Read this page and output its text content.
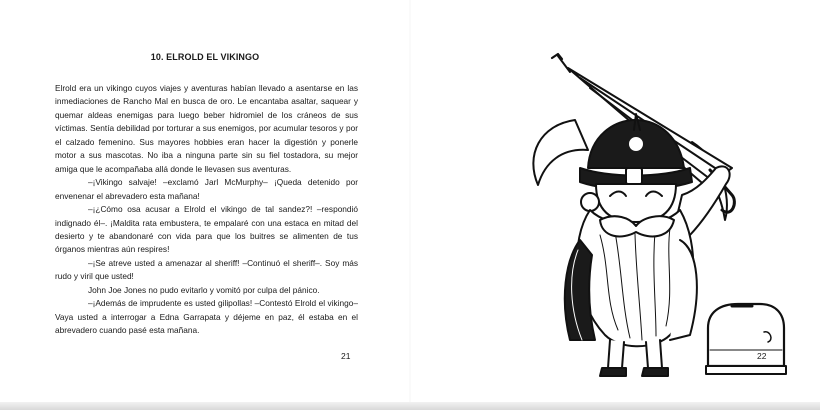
10. ELROLD EL VIKINGO

Elrold era un vikingo cuyos viajes y aventuras habían llevado a asentarse en las inmediaciones de Rancho Mal en busca de oro. Le encantaba asaltar, saquear y quemar aldeas enemigas para luego beber hidromiel de los cráneos de sus víctimas. Sentía debilidad por torturar a sus enemigos, por acumular tesoros y por el calzado femenino. Sus mayores hobbies eran hacer la digestión y ponerle motor a sus mascotas. No iba a ninguna parte sin su fiel tostadora, su mejor amiga que le acompañaba allá donde le llevasen sus aventuras.

–¡Vikingo salvaje! –exclamó Jarl McMurphy– ¡Queda detenido por envenenar el abrevadero esta mañana!

–¡¿Cómo osa acusar a Elrold el vikingo de tal sandez?! –respondió indignado él–. ¡Maldita rata embustera, te empalaré con una estaca en mitad del desierto y te abandonaré con vida para que los buitres se alimenten de tus órganos mientras aún respires!

–¡Se atreve usted a amenazar al sheriff! –Continuó el sheriff–. Soy más rudo y viril que usted!

John Joe Jones no pudo evitarlo y vomitó por culpa del pánico.

–¡Además de imprudente es usted gilipollas! –Contestó Elrold el vikingo–Vaya usted a interrogar a Edna Garrapata y déjeme en paz, él estaba en el abrevadero cuando pasé esta mañana.

21	22
